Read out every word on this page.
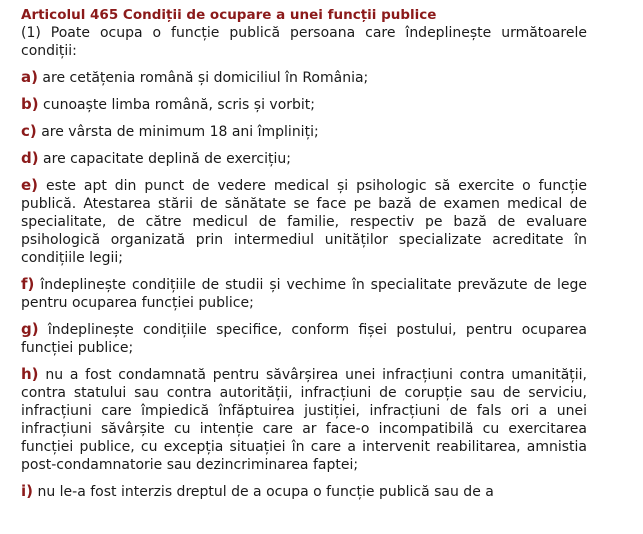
Articolul 465 Condiții de ocupare a unei funcții publice

(1) Poate ocupa o funcție publică persoana care îndeplinește următoarele condiții:

a) are cetățenia română și domiciliul în România;

b) cunoaște limba română, scris și vorbit;

c) are vârsta de minimum 18 ani împliniți;

d) are capacitate deplină de exercițiu;

e) este apt din punct de vedere medical și psihologic să exercite o funcție publică. Atestarea stării de sănătate se face pe bază de examen medical de specialitate, de către medicul de familie, respectiv pe bază de evaluare psihologică organizată prin intermediul unităților specializate acreditate în condițiile legii;

f) îndeplinește condițiile de studii și vechime în specialitate prevăzute de lege pentru ocuparea funcției publice;

g) îndeplinește condițiile specifice, conform fișei postului, pentru ocuparea funcției publice;

h) nu a fost condamnată pentru săvârșirea unei infracțiuni contra umanității, contra statului sau contra autorității, infracțiuni de corupție sau de serviciu, infracțiuni care împiedică înfăptuirea justiției, infracțiuni de fals ori a unei infracțiuni săvârșite cu intenție care ar face-o incompatibilă cu exercitarea funcției publice, cu excepția situației în care a intervenit reabilitarea, amnistia post-condamnatorie sau dezincriminarea faptei;

i) nu le-a fost interzis dreptul de a ocupa o funcție publică sau de a
